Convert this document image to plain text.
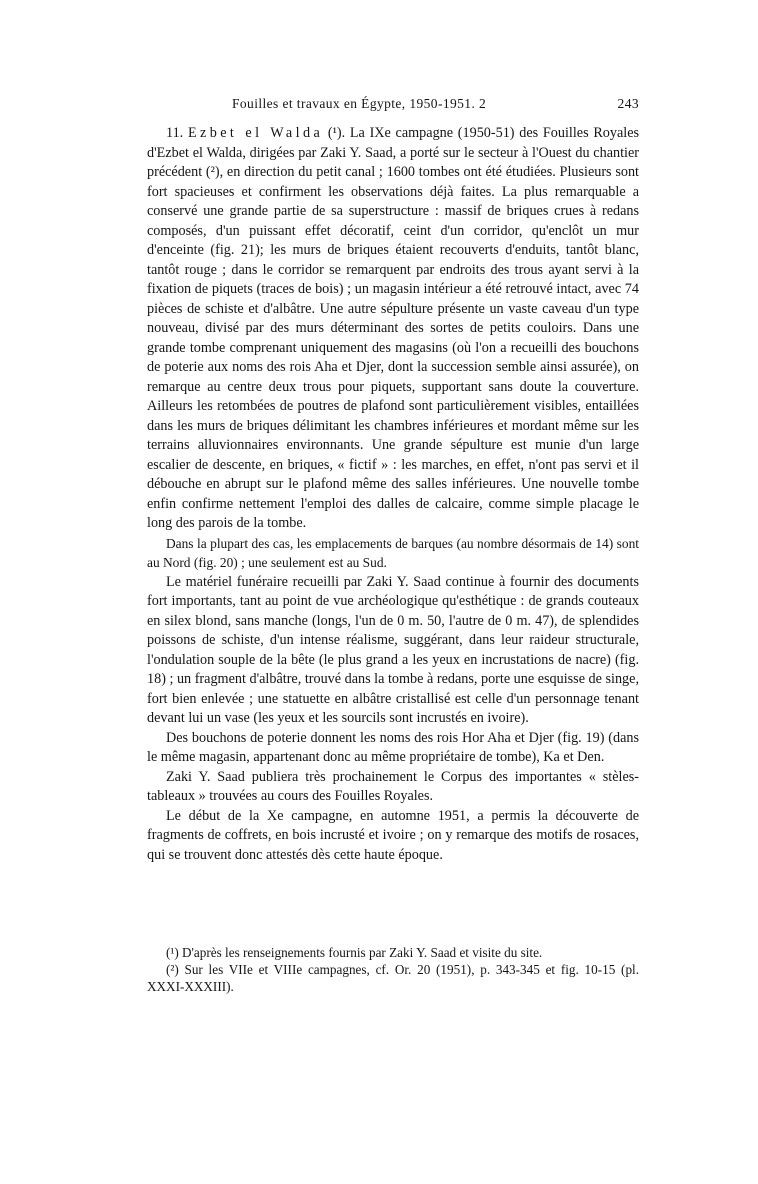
Fouilles et travaux en Égypte, 1950-1951. 2	243

11. Ezbet el Walda (¹). La IXe campagne (1950-51) des Fouilles Royales d'Ezbet el Walda, dirigées par Zaki Y. Saad, a porté sur le secteur à l'Ouest du chantier précédent (²), en direction du petit canal ; 1600 tombes ont été étudiées. Plusieurs sont fort spacieuses et confirment les observations déjà faites. La plus remarquable a conservé une grande partie de sa superstructure : massif de briques crues à redans composés, d'un puissant effet décoratif, ceint d'un corridor, qu'enclôt un mur d'enceinte (fig. 21); les murs de briques étaient recouverts d'enduits, tantôt blanc, tantôt rouge ; dans le corridor se remarquent par endroits des trous ayant servi à la fixation de piquets (traces de bois) ; un magasin intérieur a été retrouvé intact, avec 74 pièces de schiste et d'albâtre. Une autre sépulture présente un vaste caveau d'un type nouveau, divisé par des murs déterminant des sortes de petits couloirs. Dans une grande tombe comprenant uniquement des magasins (où l'on a recueilli des bouchons de poterie aux noms des rois Aha et Djer, dont la succession semble ainsi assurée), on remarque au centre deux trous pour piquets, supportant sans doute la couverture. Ailleurs les retombées de poutres de plafond sont particulièrement visibles, entaillées dans les murs de briques délimitant les chambres inférieures et mordant même sur les terrains alluvionnaires environnants. Une grande sépulture est munie d'un large escalier de descente, en briques, « fictif » : les marches, en effet, n'ont pas servi et il débouche en abrupt sur le plafond même des salles inférieures. Une nouvelle tombe enfin confirme nettement l'emploi des dalles de calcaire, comme simple placage le long des parois de la tombe.

Dans la plupart des cas, les emplacements de barques (au nombre désormais de 14) sont au Nord (fig. 20) ; une seulement est au Sud.

Le matériel funéraire recueilli par Zaki Y. Saad continue à fournir des documents fort importants, tant au point de vue archéologique qu'esthétique : de grands couteaux en silex blond, sans manche (longs, l'un de 0 m. 50, l'autre de 0 m. 47), de splendides poissons de schiste, d'un intense réalisme, suggérant, dans leur raideur structurale, l'ondulation souple de la bête (le plus grand a les yeux en incrustations de nacre) (fig. 18) ; un fragment d'albâtre, trouvé dans la tombe à redans, porte une esquisse de singe, fort bien enlevée ; une statuette en albâtre cristallisé est celle d'un personnage tenant devant lui un vase (les yeux et les sourcils sont incrustés en ivoire).

Des bouchons de poterie donnent les noms des rois Hor Aha et Djer (fig. 19) (dans le même magasin, appartenant donc au même propriétaire de tombe), Ka et Den.

Zaki Y. Saad publiera très prochainement le Corpus des importantes « stèles-tableaux » trouvées au cours des Fouilles Royales.

Le début de la Xe campagne, en automne 1951, a permis la découverte de fragments de coffrets, en bois incrusté et ivoire ; on y remarque des motifs de rosaces, qui se trouvent donc attestés dès cette haute époque.

(¹) D'après les renseignements fournis par Zaki Y. Saad et visite du site.

(²) Sur les VIIe et VIIIe campagnes, cf. Or. 20 (1951), p. 343-345 et fig. 10-15 (pl. XXXI-XXXIII).
